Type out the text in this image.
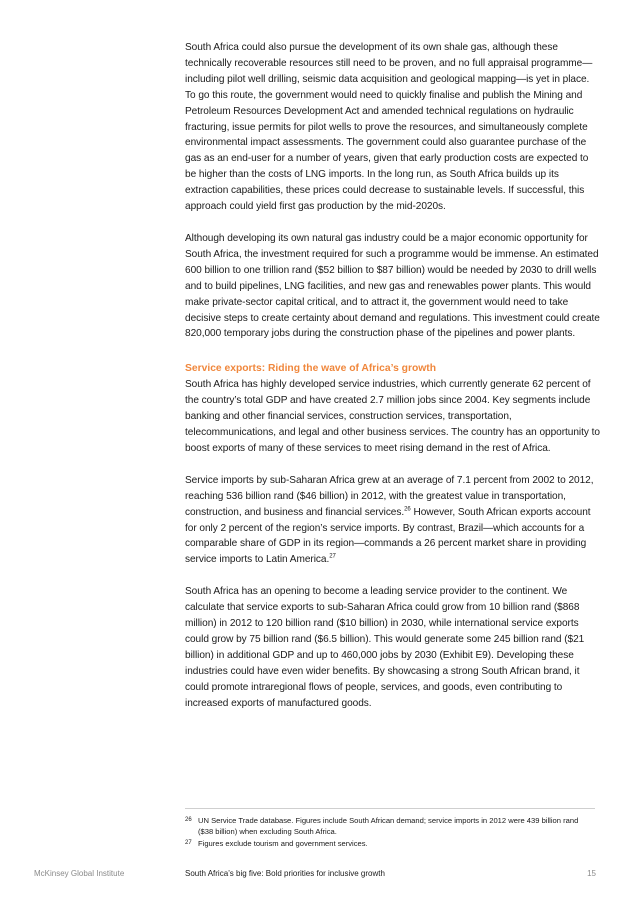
South Africa could also pursue the development of its own shale gas, although these technically recoverable resources still need to be proven, and no full appraisal programme—including pilot well drilling, seismic data acquisition and geological mapping—is yet in place. To go this route, the government would need to quickly finalise and publish the Mining and Petroleum Resources Development Act and amended technical regulations on hydraulic fracturing, issue permits for pilot wells to prove the resources, and simultaneously complete environmental impact assessments. The government could also guarantee purchase of the gas as an end-user for a number of years, given that early production costs are expected to be higher than the costs of LNG imports. In the long run, as South Africa builds up its extraction capabilities, these prices could decrease to sustainable levels. If successful, this approach could yield first gas production by the mid-2020s.

Although developing its own natural gas industry could be a major economic opportunity for South Africa, the investment required for such a programme would be immense. An estimated 600 billion to one trillion rand ($52 billion to $87 billion) would be needed by 2030 to drill wells and to build pipelines, LNG facilities, and new gas and renewables power plants. This would make private-sector capital critical, and to attract it, the government would need to take decisive steps to create certainty about demand and regulations. This investment could create 820,000 temporary jobs during the construction phase of the pipelines and power plants.

Service exports: Riding the wave of Africa’s growth

South Africa has highly developed service industries, which currently generate 62 percent of the country’s total GDP and have created 2.7 million jobs since 2004. Key segments include banking and other financial services, construction services, transportation, telecommunications, and legal and other business services. The country has an opportunity to boost exports of many of these services to meet rising demand in the rest of Africa.

Service imports by sub-Saharan Africa grew at an average of 7.1 percent from 2002 to 2012, reaching 536 billion rand ($46 billion) in 2012, with the greatest value in transportation, construction, and business and financial services.$^{26}$ However, South African exports account for only 2 percent of the region’s service imports. By contrast, Brazil—which accounts for a comparable share of GDP in its region—commands a 26 percent market share in providing service imports to Latin America.$^{27}$

South Africa has an opening to become a leading service provider to the continent. We calculate that service exports to sub-Saharan Africa could grow from 10 billion rand ($868 million) in 2012 to 120 billion rand ($10 billion) in 2030, while international service exports could grow by 75 billion rand ($6.5 billion). This would generate some 245 billion rand ($21 billion) in additional GDP and up to 460,000 jobs by 2030 (Exhibit E9). Developing these industries could have even wider benefits. By showcasing a strong South African brand, it could promote intraregional flows of people, services, and goods, even contributing to increased exports of manufactured goods.

26 UN Service Trade database. Figures include South African demand; service imports in 2012 were 439 billion rand ($38 billion) when excluding South Africa.
27 Figures exclude tourism and government services.
McKinsey Global Institute	South Africa’s big five: Bold priorities for inclusive growth	15
